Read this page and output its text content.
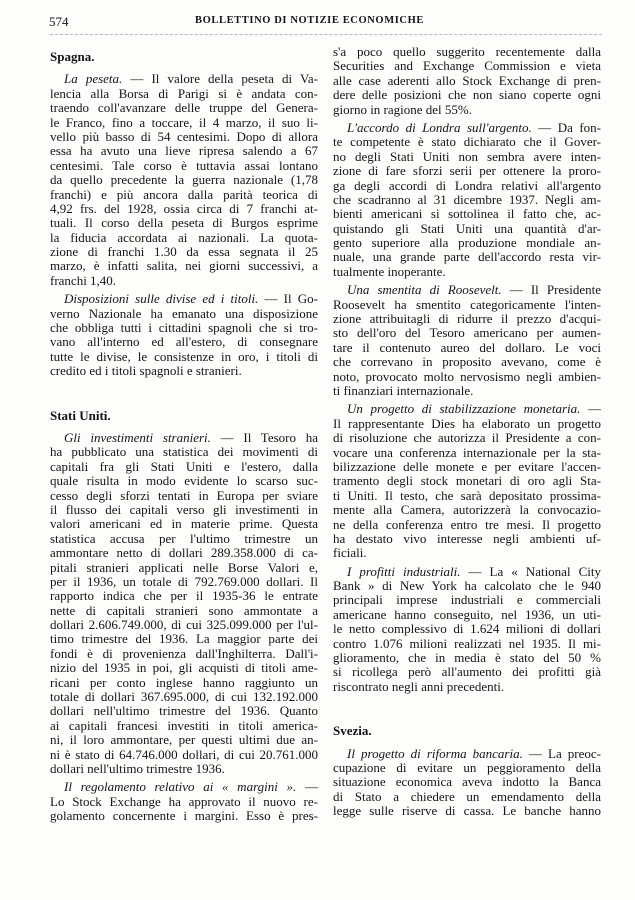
574	BOLLETTINO DI NOTIZIE ECONOMICHE
Spagna.
La peseta. — Il valore della peseta di Va-
lencia alla Borsa di Parigi si è andata con-
traendo coll'avanzare delle truppe del Genera-
le Franco, fino a toccare, il 4 marzo, il suo li-
vello più basso di 54 centesimi. Dopo di allora
essa ha avuto una lieve ripresa salendo a 67
centesimi. Tale corso è tuttavia assai lontano
da quello precedente la guerra nazionale (1,78
franchi) e più ancora dalla parità teorica di
4,92 frs. del 1928, ossia circa di 7 franchi at-
tuali. Il corso della peseta di Burgos esprime
la fiducia accordata ai nazionali. La quota-
zione di franchi 1.30 da essa segnata il 25
marzo, è infatti salita, nei giorni successivi, a
franchi 1,40.
Disposizioni sulle divise ed i titoli. — Il Go-
verno Nazionale ha emanato una disposizione
che obbliga tutti i cittadini spagnoli che si tro-
vano all'interno ed all'estero, di consegnare
tutte le divise, le consistenze in oro, i titoli di
credito ed i titoli spagnoli e stranieri.
Stati Uniti.
Gli investimenti stranieri. — Il Tesoro ha
ha pubblicato una statistica dei movimenti di
capitali fra gli Stati Uniti e l'estero, dalla
quale risulta in modo evidente lo scarso suc-
cesso degli sforzi tentati in Europa per sviare
il flusso dei capitali verso gli investimenti in
valori americani ed in materie prime. Questa
statistica accusa per l'ultimo trimestre un
ammontare netto di dollari 289.358.000 di ca-
pitali stranieri applicati nelle Borse Valori e,
per il 1936, un totale di 792.769.000 dollari. Il
rapporto indica che per il 1935-36 le entrate
nette di capitali stranieri sono ammontate a
dollari 2.606.749.000, di cui 325.099.000 per l'ul-
timo trimestre del 1936. La maggior parte dei
fondi è di provenienza dall'Inghilterra. Dall'i-
nizio del 1935 in poi, gli acquisti di titoli ame-
ricani per conto inglese hanno raggiunto un
totale di dollari 367.695.000, di cui 132.192.000
dollari nell'ultimo trimestre del 1936. Quanto
ai capitali francesi investiti in titoli america-
ni, il loro ammontare, per questi ultimi due an-
ni è stato di 64.746.000 dollari, di cui 20.761.000
dollari nell'ultimo trimestre 1936.
Il regolamento relativo ai « margini ». —
Lo Stock Exchange ha approvato il nuovo re-
golamento concernente i margini. Esso è pres-
s'a poco quello suggerito recentemente dalla
Securities and Exchange Commission e vieta
alle case aderenti allo Stock Exchange di pren-
dere delle posizioni che non siano coperte ogni
giorno in ragione del 55%.
L'accordo di Londra sull'argento. — Da fon-
te competente è stato dichiarato che il Gover-
no degli Stati Uniti non sembra avere inten-
zione di fare sforzi serii per ottenere la proro-
ga degli accordi di Londra relativi all'argento
che scadranno al 31 dicembre 1937. Negli am-
bienti americani si sottolinea il fatto che, ac-
quistando gli Stati Uniti una quantità d'ar-
gento superiore alla produzione mondiale an-
nuale, una grande parte dell'accordo resta vir-
tualmente inoperante.
Una smentita di Roosevelt. — Il Presidente
Roosevelt ha smentito categoricamente l'inten-
zione attribuitagli di ridurre il prezzo d'acqui-
sto dell'oro del Tesoro americano per aumen-
tare il contenuto aureo del dollaro. Le voci
che correvano in proposito avevano, come è
noto, provocato molto nervosismo negli ambien-
ti finanziari internazionale.
Un progetto di stabilizzazione monetaria. —
Il rappresentante Dies ha elaborato un progetto
di risoluzione che autorizza il Presidente a con-
vocare una conferenza internazionale per la sta-
bilizzazione delle monete e per evitare l'accen-
tramento degli stock monetari di oro agli Sta-
ti Uniti. Il testo, che sarà depositato prossima-
mente alla Camera, autorizzerà la convocazio-
ne della conferenza entro tre mesi. Il progetto
ha destato vivo interesse negli ambienti uf-
ficiali.
I profitti industriali. — La « National City
Bank » di New York ha calcolato che le 940
principali imprese industriali e commerciali
americane hanno conseguito, nel 1936, un uti-
le netto complessivo di 1.624 milioni di dollari
contro 1.076 milioni realizzati nel 1935. Il mi-
glioramento, che in media è stato del 50 %
si ricollega però all'aumento dei profitti già
riscontrato negli anni precedenti.
Svezia.
Il progetto di riforma bancaria. — La preoc-
cupazione di evitare un peggioramento della
situazione economica aveva indotto la Banca
di Stato a chiedere un emendamento della
legge sulle riserve di cassa. Le banche hanno
